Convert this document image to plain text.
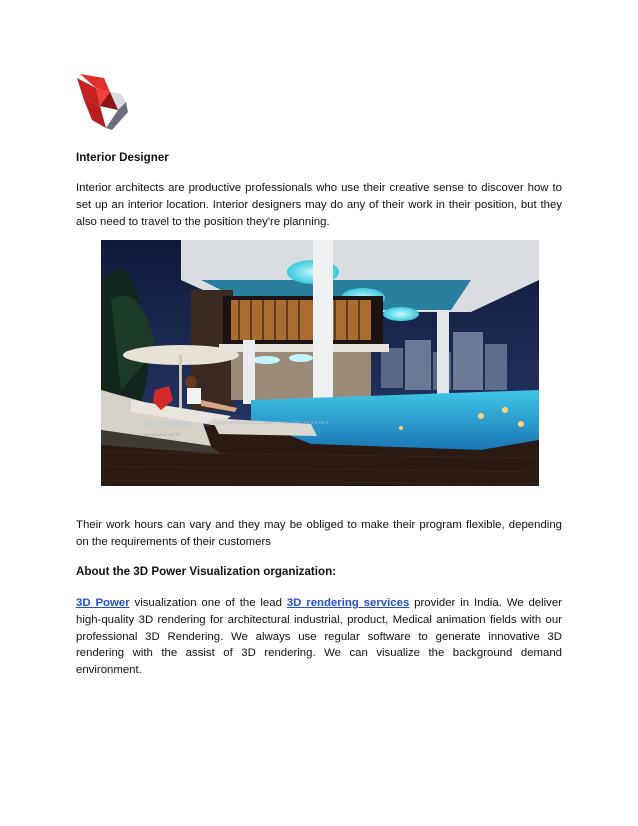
Interior Designer
Interior architects are productive professionals who use their creative sense to discover how to set up an interior location. Interior designers may do any of their work in their position, but they also need to travel to the position they're planning.
3D POWER
visualization pvt ltd
www.3dpower.in | info@3dpower.in | +91 - 9 7 1 3 2 0 9 8 5 9
Their work hours can vary and they may be obliged to make their program flexible, depending on the requirements of their customers
About the 3D Power Visualization organization:
3D Power visualization one of the lead 3D rendering services provider in India. We deliver high-quality 3D rendering for architectural industrial, product, Medical animation fields with our professional 3D Rendering. We always use regular software to generate innovative 3D rendering with the assist of 3D rendering. We can visualize the background demand environment.
